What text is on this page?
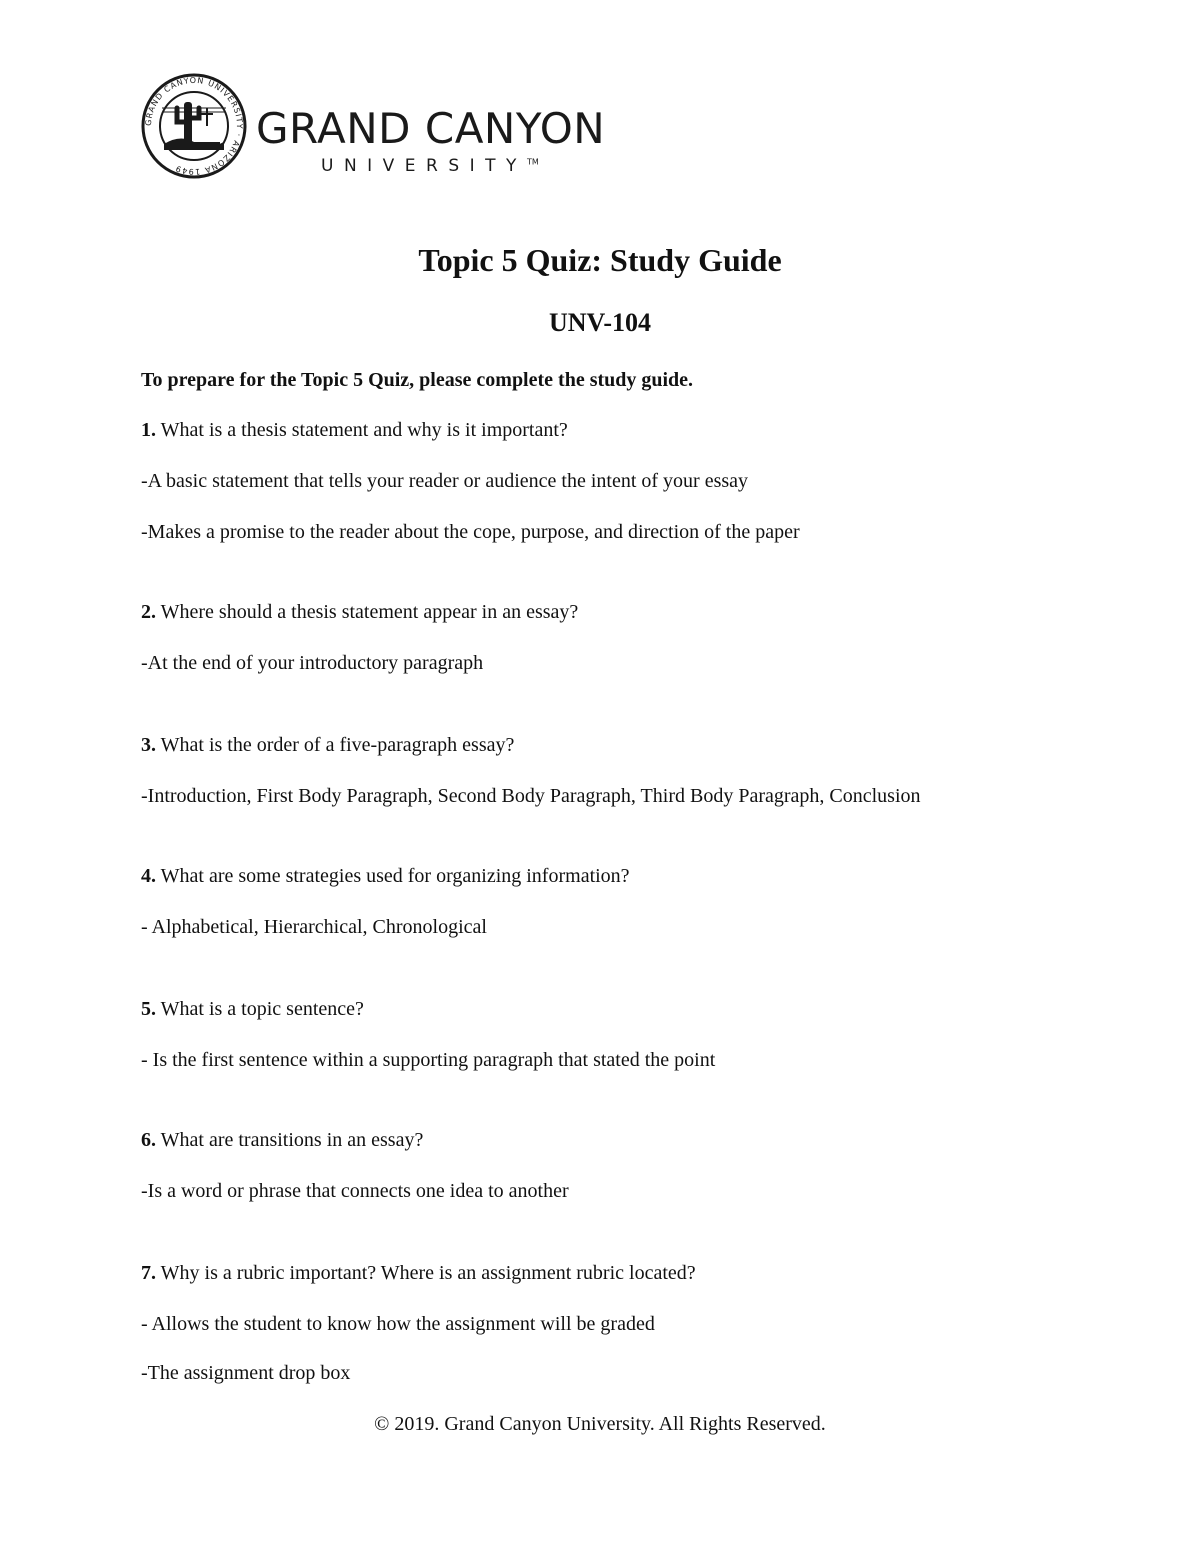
GRAND CANYON UNIVERSITY · ARIZONA 1949
GRAND CANYON
UNIVERSITY™
Topic 5 Quiz: Study Guide
UNV-104
To prepare for the Topic 5 Quiz, please complete the study guide.
1. What is a thesis statement and why is it important?
-A basic statement that tells your reader or audience the intent of your essay
-Makes a promise to the reader about the cope, purpose, and direction of the paper
2. Where should a thesis statement appear in an essay?
-At the end of your introductory paragraph
3. What is the order of a five-paragraph essay?
-Introduction, First Body Paragraph, Second Body Paragraph, Third Body Paragraph, Conclusion
4. What are some strategies used for organizing information?
- Alphabetical, Hierarchical, Chronological
5. What is a topic sentence?
- Is the first sentence within a supporting paragraph that stated the point
6. What are transitions in an essay?
-Is a word or phrase that connects one idea to another
7. Why is a rubric important? Where is an assignment rubric located?
- Allows the student to know how the assignment will be graded
-The assignment drop box
© 2019. Grand Canyon University. All Rights Reserved.
